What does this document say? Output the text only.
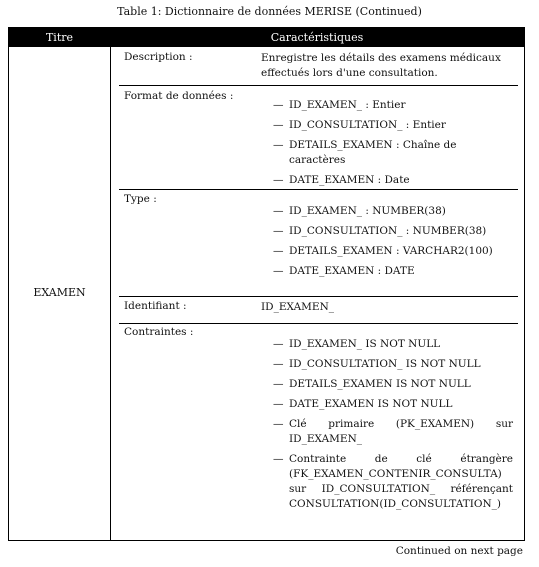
Table 1: Dictionnaire de données MERISE (Continued)
Titre	Caractéristiques
EXAMEN
Description :	Enregistre les détails des examens médicaux effectués lors d'une consultation.
Format de données :
— ID_EXAMEN_ : Entier
— ID_CONSULTATION_ : Entier
— DETAILS_EXAMEN : Chaîne de caractères
— DATE_EXAMEN : Date
Type :
— ID_EXAMEN_ : NUMBER(38)
— ID_CONSULTATION_ : NUMBER(38)
— DETAILS_EXAMEN : VARCHAR2(100)
— DATE_EXAMEN : DATE
Identifiant :	ID_EXAMEN_
Contraintes :
— ID_EXAMEN_ IS NOT NULL
— ID_CONSULTATION_ IS NOT NULL
— DETAILS_EXAMEN IS NOT NULL
— DATE_EXAMEN IS NOT NULL
— Clé primaire (PK_EXAMEN) sur ID_EXAMEN_
— Contrainte de clé étrangère (FK_EXAMEN_CONTENIR_CONSULTA) sur ID_CONSULTATION_ référençant CONSULTATION(ID_CONSULTATION_)
Continued on next page
